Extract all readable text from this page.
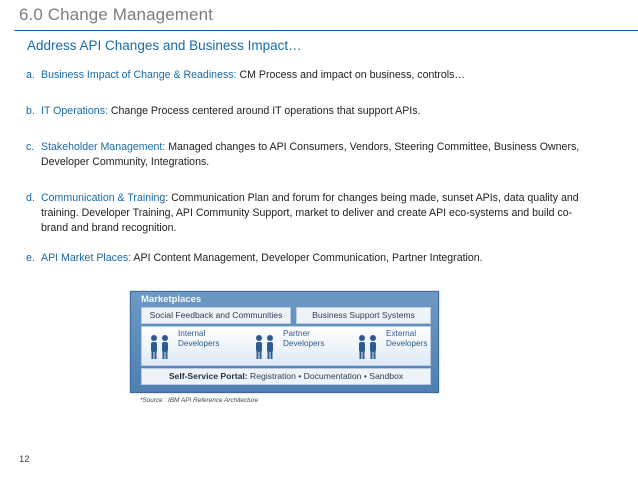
6.0 Change Management
Address API Changes and Business Impact…
a. Business Impact of Change & Readiness: CM Process and impact on business, controls…
b. IT Operations: Change Process centered around IT operations that support APIs.
c. Stakeholder Management: Managed changes to API Consumers, Vendors, Steering Committee, Business Owners,
Developer Community, Integrations.
d. Communication & Training: Communication Plan and forum for changes being made, sunset APIs, data quality and
training. Developer Training, API Community Support, market to deliver and create API eco-systems and build co-brand and brand recognition.
e. API Market Places: API Content Management, Developer Communication, Partner Integration.
Marketplaces
Social Feedback and Communities	Business Support Systems
Internal
Developers
Partner
Developers
External
Developers
Self-Service Portal: Registration • Documentation • Sandbox
*Source : IBM API Reference Architecture
12
